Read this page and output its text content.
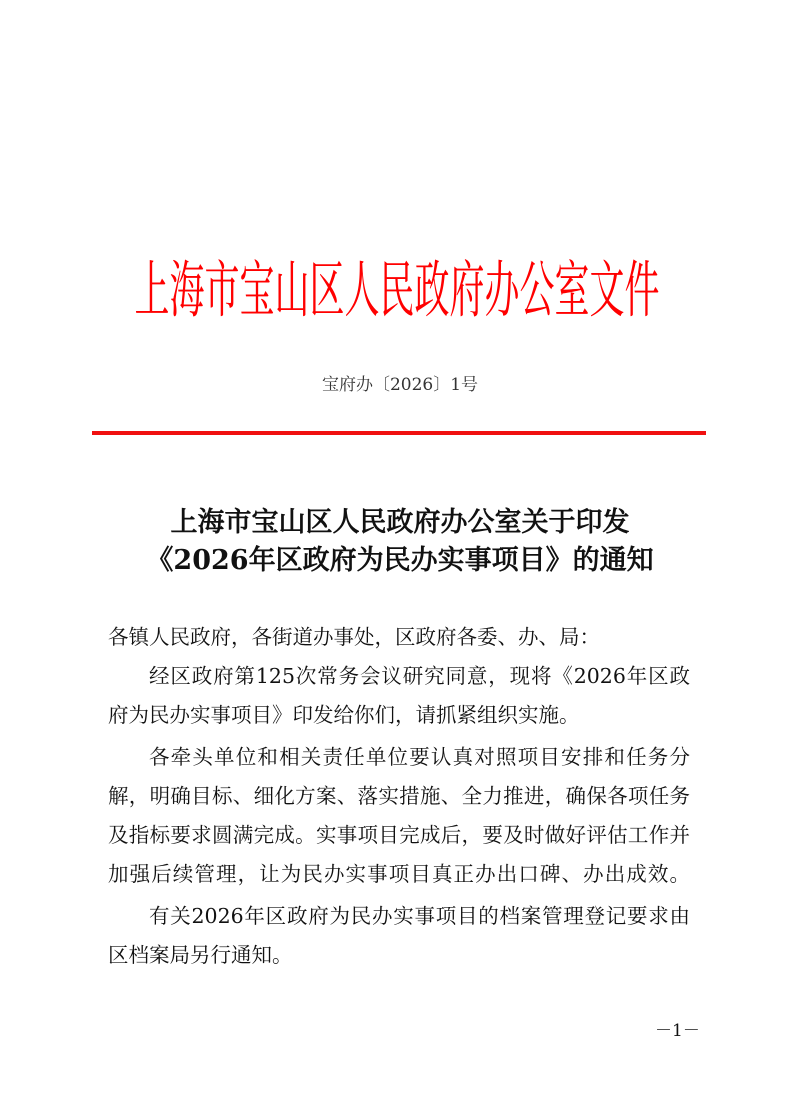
上海市宝山区人民政府办公室文件
宝府办〔2026〕1号
上海市宝山区人民政府办公室关于印发
《2026年区政府为民办实事项目》的通知
各镇人民政府，各街道办事处，区政府各委、办、局：
经区政府第125次常务会议研究同意，现将《2026年区政
府为民办实事项目》印发给你们，请抓紧组织实施。
各牵头单位和相关责任单位要认真对照项目安排和任务分
解，明确目标、细化方案、落实措施、全力推进，确保各项任务
及指标要求圆满完成。实事项目完成后，要及时做好评估工作并
加强后续管理，让为民办实事项目真正办出口碑、办出成效。
有关2026年区政府为民办实事项目的档案管理登记要求由
区档案局另行通知。
－1－
